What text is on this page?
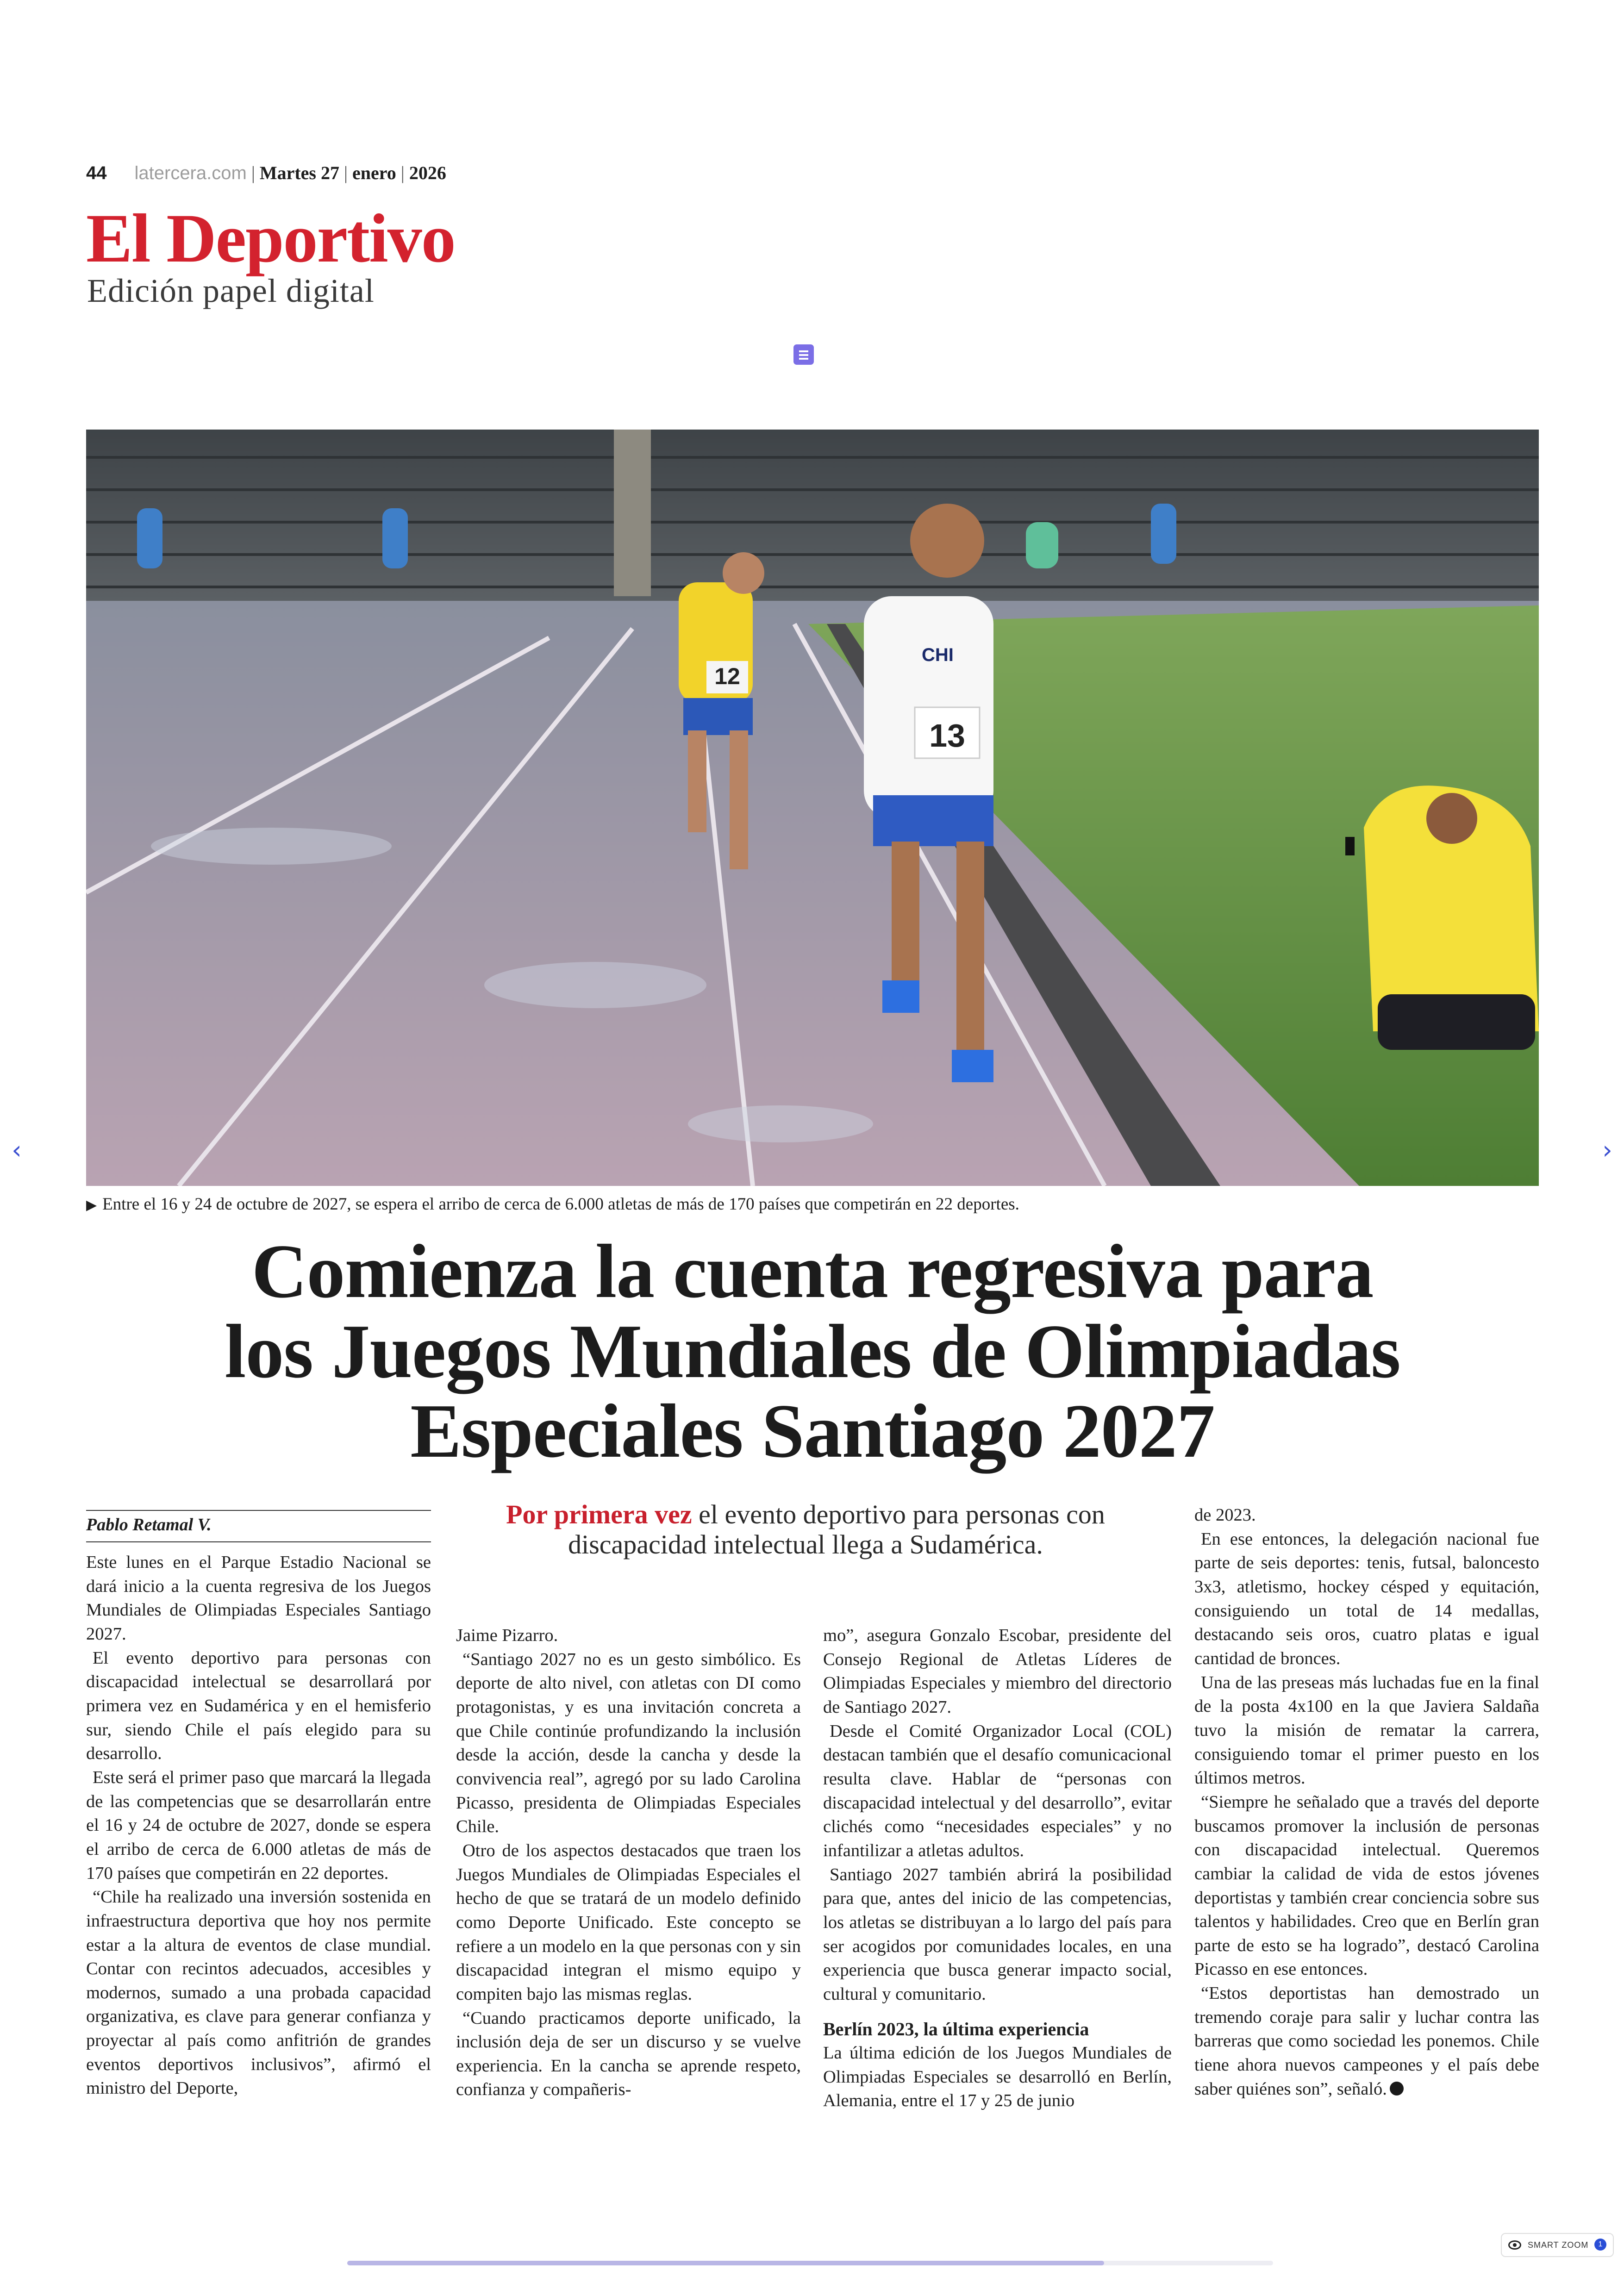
44 latercera.com | Martes 27 | enero | 2026
El Deportivo
Edición papel digital
12
13
CHI
▶ Entre el 16 y 24 de octubre de 2027, se espera el arribo de cerca de 6.000 atletas de más de 170 países que competirán en 22 deportes.
Comienza la cuenta regresiva para
los Juegos Mundiales de Olimpiadas
Especiales Santiago 2027
Pablo Retamal V.	Por primera vez el evento deportivo para personas con
discapacidad intelectual llega a Sudamérica.

Este lunes en el Parque Estadio Nacional se dará inicio a la cuenta regresiva de los Juegos Mundiales de Olimpiadas Especiales Santiago 2027.

El evento deportivo para personas con discapacidad intelectual se desarrollará por primera vez en Sudamérica y en el hemisferio sur, siendo Chile el país elegido para su desarrollo.

Este será el primer paso que marcará la llegada de las competencias que se desarrollarán entre el 16 y 24 de octubre de 2027, donde se espera el arribo de cerca de 6.000 atletas de más de 170 países que competirán en 22 deportes.

“Chile ha realizado una inversión sostenida en infraestructura deportiva que hoy nos permite estar a la altura de eventos de clase mundial. Contar con recintos adecuados, accesibles y modernos, sumado a una probada capacidad organizativa, es clave para generar confianza y proyectar al país como anfitrión de grandes eventos deportivos inclusivos”, afirmó el ministro del Deporte,

Jaime Pizarro.

“Santiago 2027 no es un gesto simbólico. Es deporte de alto nivel, con atletas con DI como protagonistas, y es una invitación concreta a que Chile continúe profundizando la inclusión desde la acción, desde la cancha y desde la convivencia real”, agregó por su lado Carolina Picasso, presidenta de Olimpiadas Especiales Chile.

Otro de los aspectos destacados que traen los Juegos Mundiales de Olimpiadas Especiales el hecho de que se tratará de un modelo definido como Deporte Unificado. Este concepto se refiere a un modelo en la que personas con y sin discapacidad integran el mismo equipo y compiten bajo las mismas reglas.

“Cuando practicamos deporte unificado, la inclusión deja de ser un discurso y se vuelve experiencia. En la cancha se aprende respeto, confianza y compañeris-

mo”, asegura Gonzalo Escobar, presidente del Consejo Regional de Atletas Líderes de Olimpiadas Especiales y miembro del directorio de Santiago 2027.

Desde el Comité Organizador Local (COL) destacan también que el desafío comunicacional resulta clave. Hablar de “personas con discapacidad intelectual y del desarrollo”, evitar clichés como “necesidades especiales” y no infantilizar a atletas adultos.

Santiago 2027 también abrirá la posibilidad para que, antes del inicio de las competencias, los atletas se distribuyan a lo largo del país para ser acogidos por comunidades locales, en una experiencia que busca generar impacto social, cultural y comunitario.

Berlín 2023, la última experiencia

La última edición de los Juegos Mundiales de Olimpiadas Especiales se desarrolló en Berlín, Alemania, entre el 17 y 25 de junio

de 2023.

En ese entonces, la delegación nacional fue parte de seis deportes: tenis, futsal, baloncesto 3x3, atletismo, hockey césped y equitación, consiguiendo un total de 14 medallas, destacando seis oros, cuatro platas e igual cantidad de bronces.

Una de las preseas más luchadas fue en la final de la posta 4x100 en la que Javiera Saldaña tuvo la misión de rematar la carrera, consiguiendo tomar el primer puesto en los últimos metros.

“Siempre he señalado que a través del deporte buscamos promover la inclusión de personas con discapacidad intelectual. Queremos cambiar la calidad de vida de estos jóvenes deportistas y también crear conciencia sobre sus talentos y habilidades. Creo que en Berlín gran parte de esto se ha logrado”, destacó Carolina Picasso en ese entonces.

“Estos deportistas han demostrado un tremendo coraje para salir y luchar contra las barreras que como sociedad les ponemos. Chile tiene ahora nuevos campeones y el país debe saber quiénes son”, señaló.

‹	›
SMART ZOOM	1
